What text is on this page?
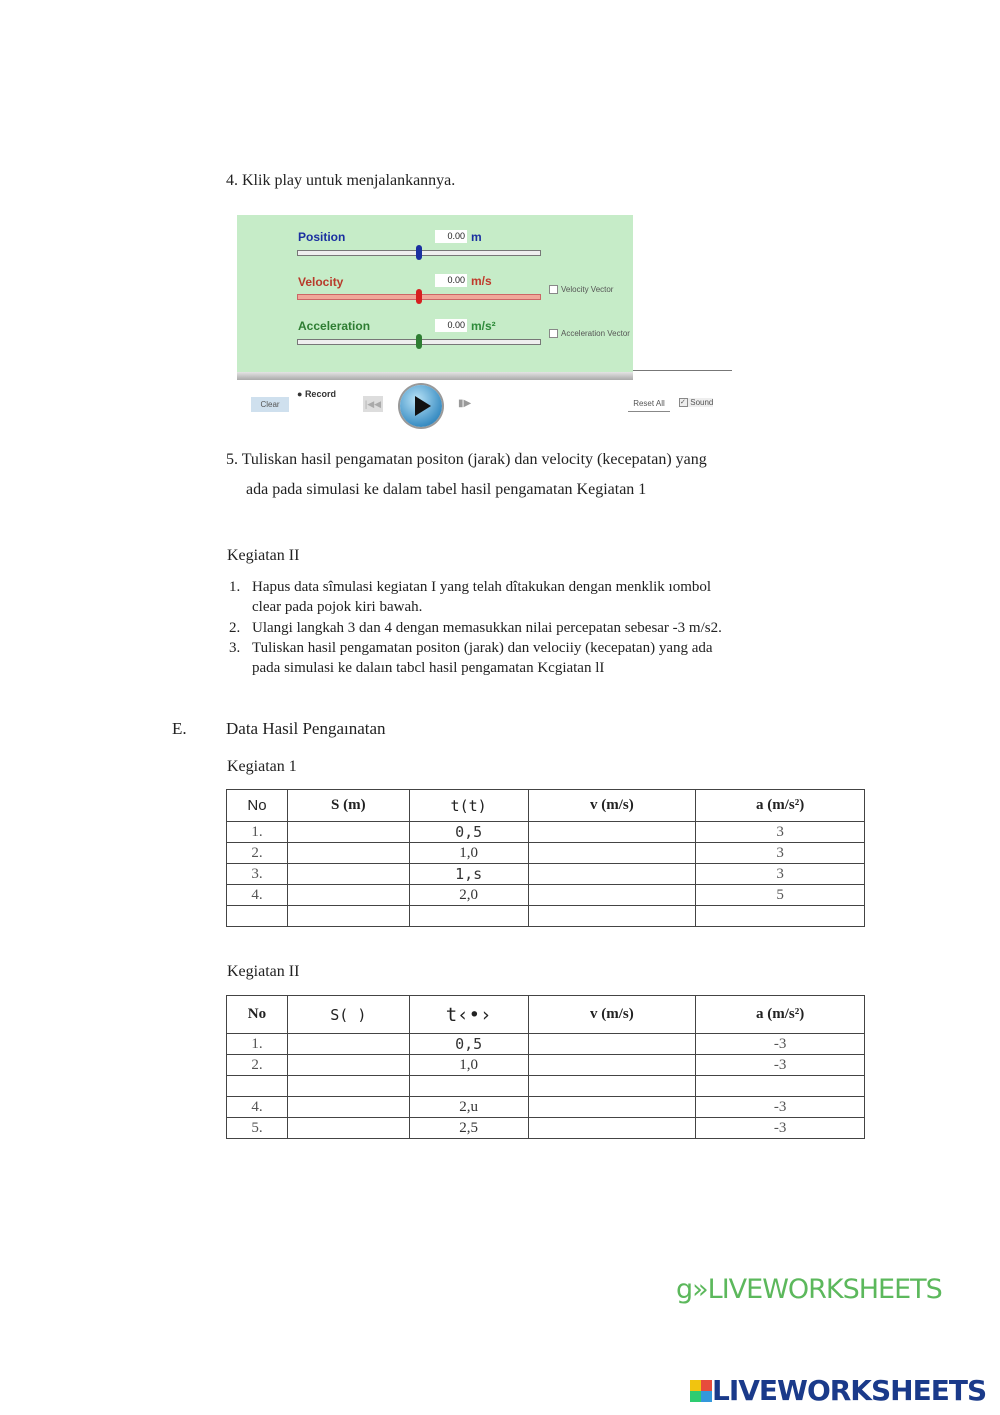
4. Klik play untuk menjalankannya.
Position	0.00 m
Velocity	0.00 m/s
Velocity Vector
Acceleration	0.00 m/s²
Acceleration Vector
Clear
● Record
|◀◀	▮▶	Reset All	✓ Sound
5. Tuliskan hasil pengamatan positon (jarak) dan velocity (kecepatan) yang
ada pada simulasi ke dalam tabel hasil pengamatan Kegiatan 1
Kegiatan II
1. Hapus data sîmulasi kegiatan I yang telah dîtakukan dengan menklik ıombol
clear pada pojok kiri bawah.
2. Ulangi langkah 3 dan 4 dengan memasukkan nilai percepatan sebesar -3 m/s2.
3. Tuliskan hasil pengamatan positon (jarak) dan velociiy (kecepatan) yang ada
pada simulasi ke dalaın tabcl hasil pengamatan Kcgiatan lI
E. Data Hasil Pengaınatan
Kegiatan 1
No	S (m)	t(t)	v (m/s)	a (m/s²)
1.		0,5		3
2.		1,0		3
3.		1,s		3
4.		2,0		5

Kegiatan II
No	S( )	t‹•›	v (m/s)	a (m/s²)
1.		0,5		-3
2.		1,0		-3

4.		2,u		-3
5.		2,5		-3
g»LIVEWORKSHEETS
LIVEWORKSHEETS
